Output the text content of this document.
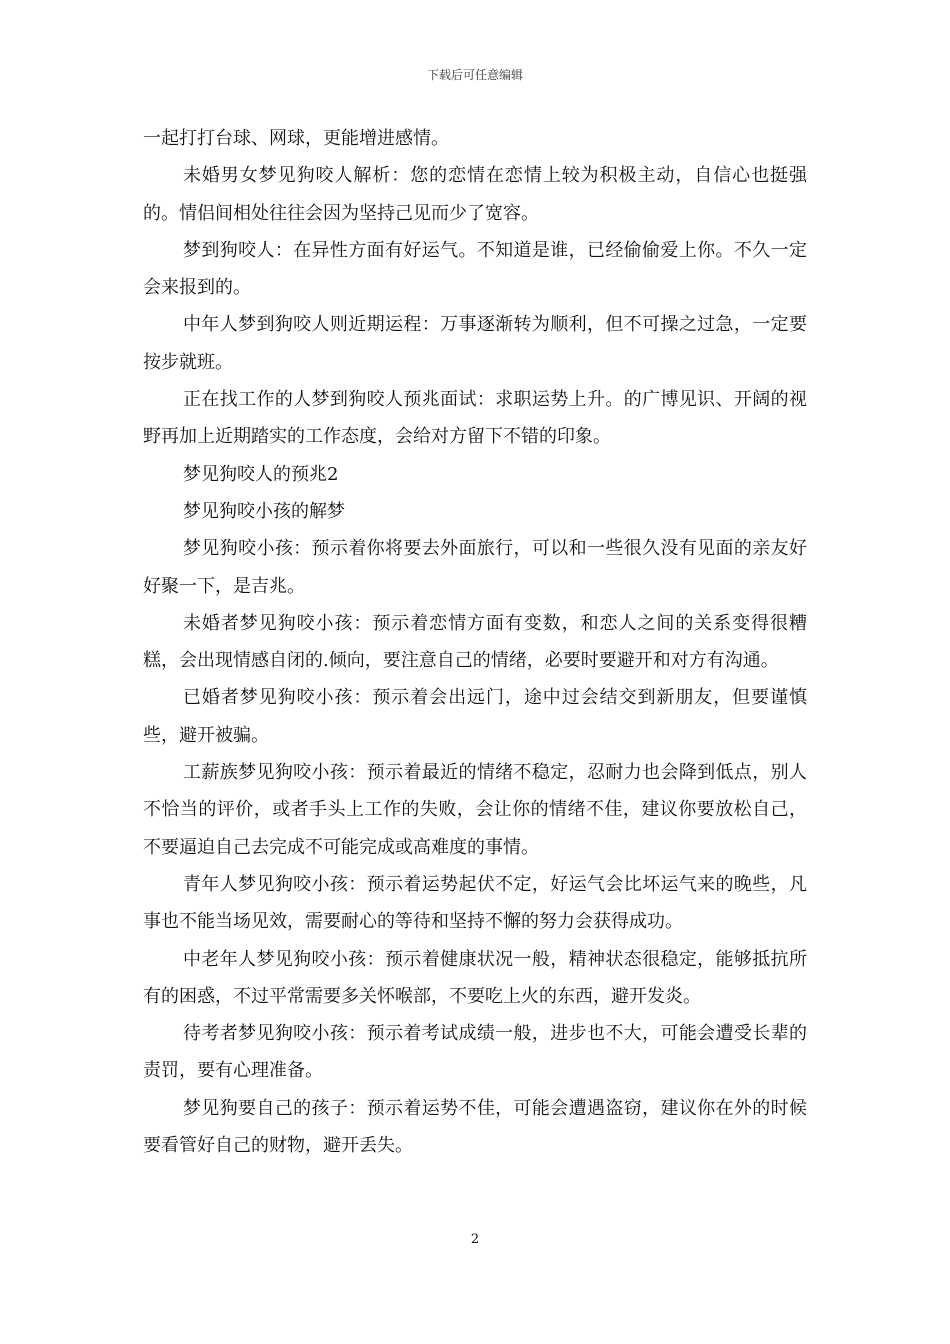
下载后可任意编辑

一起打打台球、网球，更能增进感情。

未婚男女梦见狗咬人解析：您的恋情在恋情上较为积极主动，自信心也挺强的。情侣间相处往往会因为坚持己见而少了宽容。

梦到狗咬人：在异性方面有好运气。不知道是谁，已经偷偷爱上你。不久一定会来报到的。

中年人梦到狗咬人则近期运程：万事逐渐转为顺利，但不可操之过急，一定要按步就班。

正在找工作的人梦到狗咬人预兆面试：求职运势上升。的广博见识、开阔的视野再加上近期踏实的工作态度，会给对方留下不错的印象。

梦见狗咬人的预兆2

梦见狗咬小孩的解梦

梦见狗咬小孩：预示着你将要去外面旅行，可以和一些很久没有见面的亲友好好聚一下，是吉兆。

未婚者梦见狗咬小孩：预示着恋情方面有变数，和恋人之间的关系变得很糟糕，会出现情感自闭的.倾向，要注意自己的情绪，必要时要避开和对方有沟通。

已婚者梦见狗咬小孩：预示着会出远门，途中过会结交到新朋友，但要谨慎些，避开被骗。

工薪族梦见狗咬小孩：预示着最近的情绪不稳定，忍耐力也会降到低点，别人不恰当的评价，或者手头上工作的失败，会让你的情绪不佳，建议你要放松自己，不要逼迫自己去完成不可能完成或高难度的事情。

青年人梦见狗咬小孩：预示着运势起伏不定，好运气会比坏运气来的晚些，凡事也不能当场见效，需要耐心的等待和坚持不懈的努力会获得成功。

中老年人梦见狗咬小孩：预示着健康状况一般，精神状态很稳定，能够抵抗所有的困惑，不过平常需要多关怀喉部，不要吃上火的东西，避开发炎。

待考者梦见狗咬小孩：预示着考试成绩一般，进步也不大，可能会遭受长辈的责罚，要有心理准备。

梦见狗要自己的孩子：预示着运势不佳，可能会遭遇盗窃，建议你在外的时候要看管好自己的财物，避开丢失。

2
